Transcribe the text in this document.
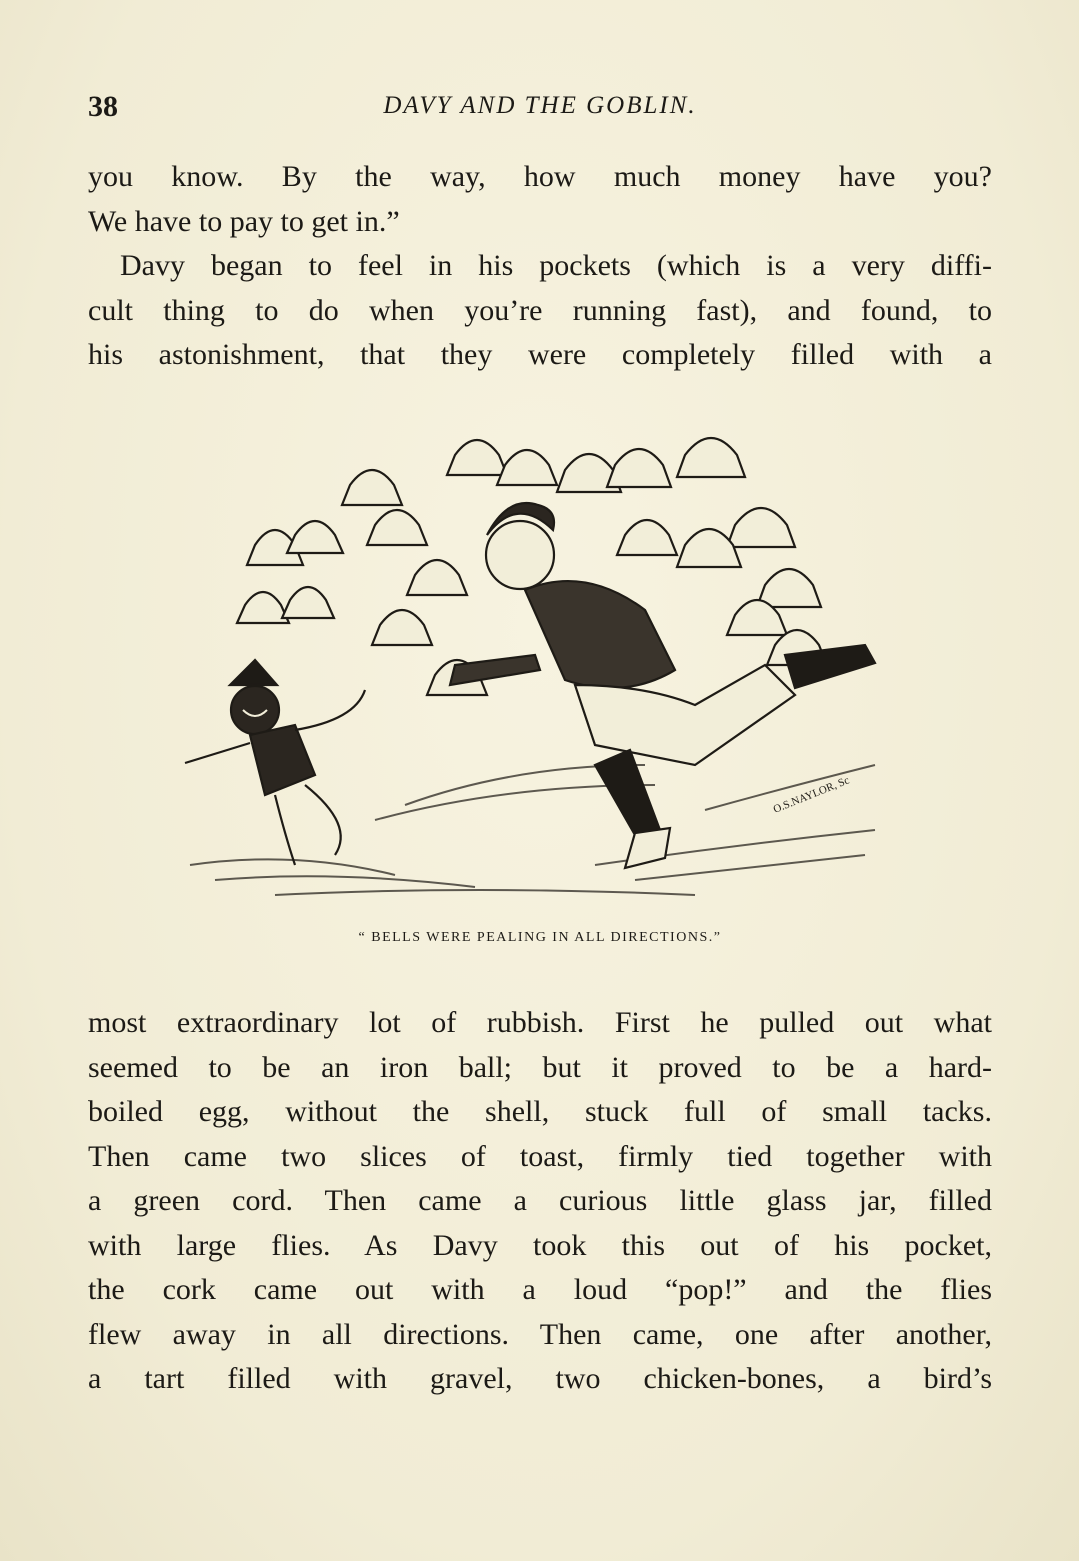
38	DAVY AND THE GOBLIN.
you know. By the way, how much money have you?
We have to pay to get in.”
Davy began to feel in his pockets (which is a very diffi-
cult thing to do when you’re running fast), and found, to
his astonishment, that they were completely filled with a
O.S.NAYLOR, Sc
“ BELLS WERE PEALING IN ALL DIRECTIONS.”
most extraordinary lot of rubbish. First he pulled out what
seemed to be an iron ball; but it proved to be a hard-
boiled egg, without the shell, stuck full of small tacks.
Then came two slices of toast, firmly tied together with
a green cord. Then came a curious little glass jar, filled
with large flies. As Davy took this out of his pocket,
the cork came out with a loud “pop!” and the flies
flew away in all directions. Then came, one after another,
a tart filled with gravel, two chicken-bones, a bird’s
